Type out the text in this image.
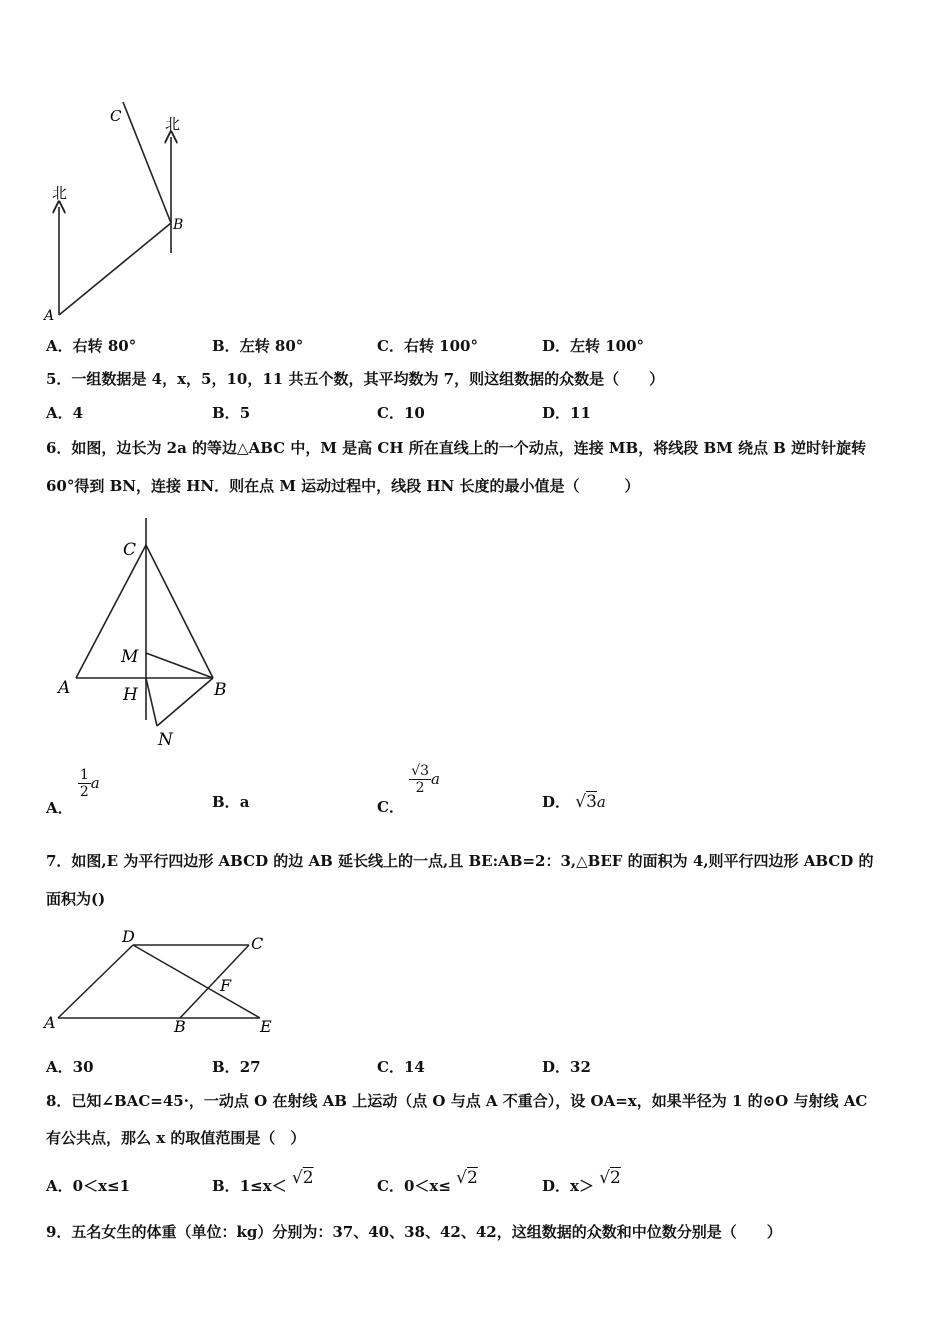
C
B
A
北
北
A．右转 80°	B．左转 80°	C．右转 100°	D．左转 100°
5．一组数据是 4，x，5，10，11 共五个数，其平均数为 7，则这组数据的众数是（　　）
A．4	B．5	C．10	D．11
6．如图，边长为 2a 的等边△ABC 中，M 是高 CH 所在直线上的一个动点，连接 MB，将线段 BM 绕点 B 逆时针旋转
60°得到 BN，连接 HN．则在点 M 运动过程中，线段 HN 长度的最小值是（　　　）
C
M
A	H	B
N
A．
$\frac{1}{2}$ a
B．a	C．
$\frac{√3}{2}$ a
D． √3a
7．如图,E 为平行四边形 ABCD 的边 AB 延长线上的一点,且 BE:AB=2：3,△BEF 的面积为 4,则平行四边形 ABCD 的
面积为()
D	C
F
A	B	E
A．30	B．27	C．14	D．32
8．已知∠BAC=45·，一动点 O 在射线 AB 上运动（点 O 与点 A 不重合），设 OA=x，如果半径为 1 的⊙O 与射线 AC
有公共点，那么 x 的取值范围是（　）
A．0＜x≤1	B．1≤x＜ √2	C．0＜x≤ √2	D．x＞ √2
9．五名女生的体重（单位：kg）分别为：37、40、38、42、42，这组数据的众数和中位数分别是（　　）
